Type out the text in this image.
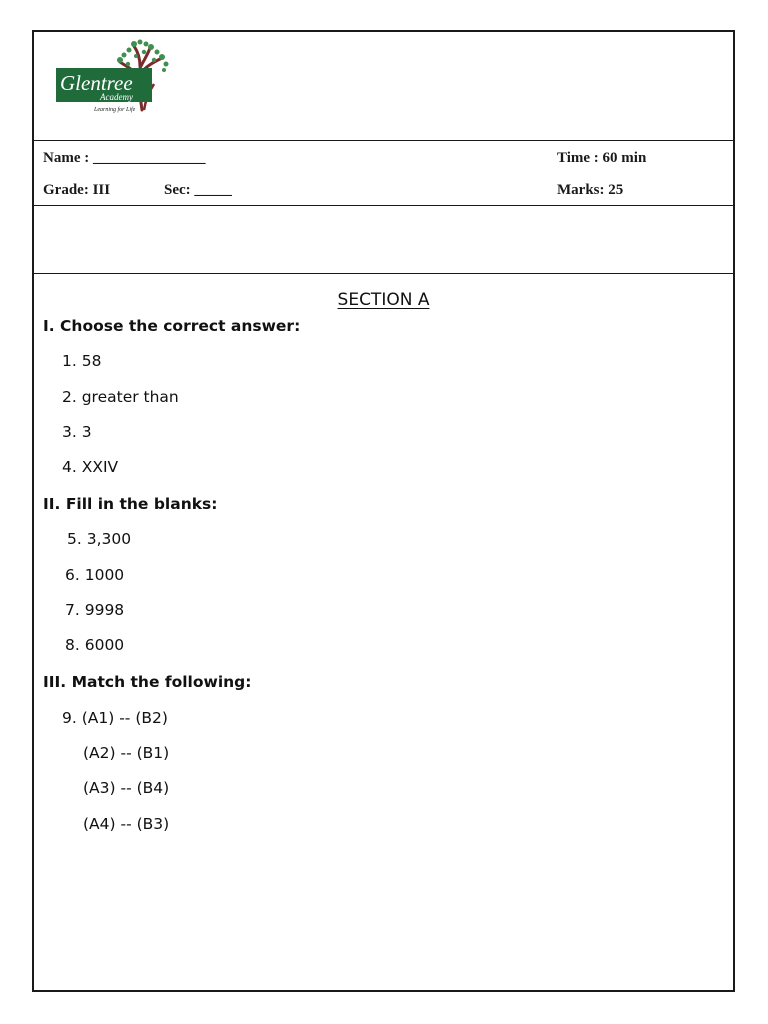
Glentree
Academy
Learning for Life
Name : _______________	Time : 60 min
Grade: III	Sec: _____	Marks: 25
SECTION A
I. Choose the correct answer:
1. 58
2. greater than
3. 3
4. XXIV
II. Fill in the blanks:
5. 3,300
6. 1000
7. 9998
8. 6000
III. Match the following:
9. (A1) -- (B2)
(A2) -- (B1)
(A3) -- (B4)
(A4) -- (B3)
